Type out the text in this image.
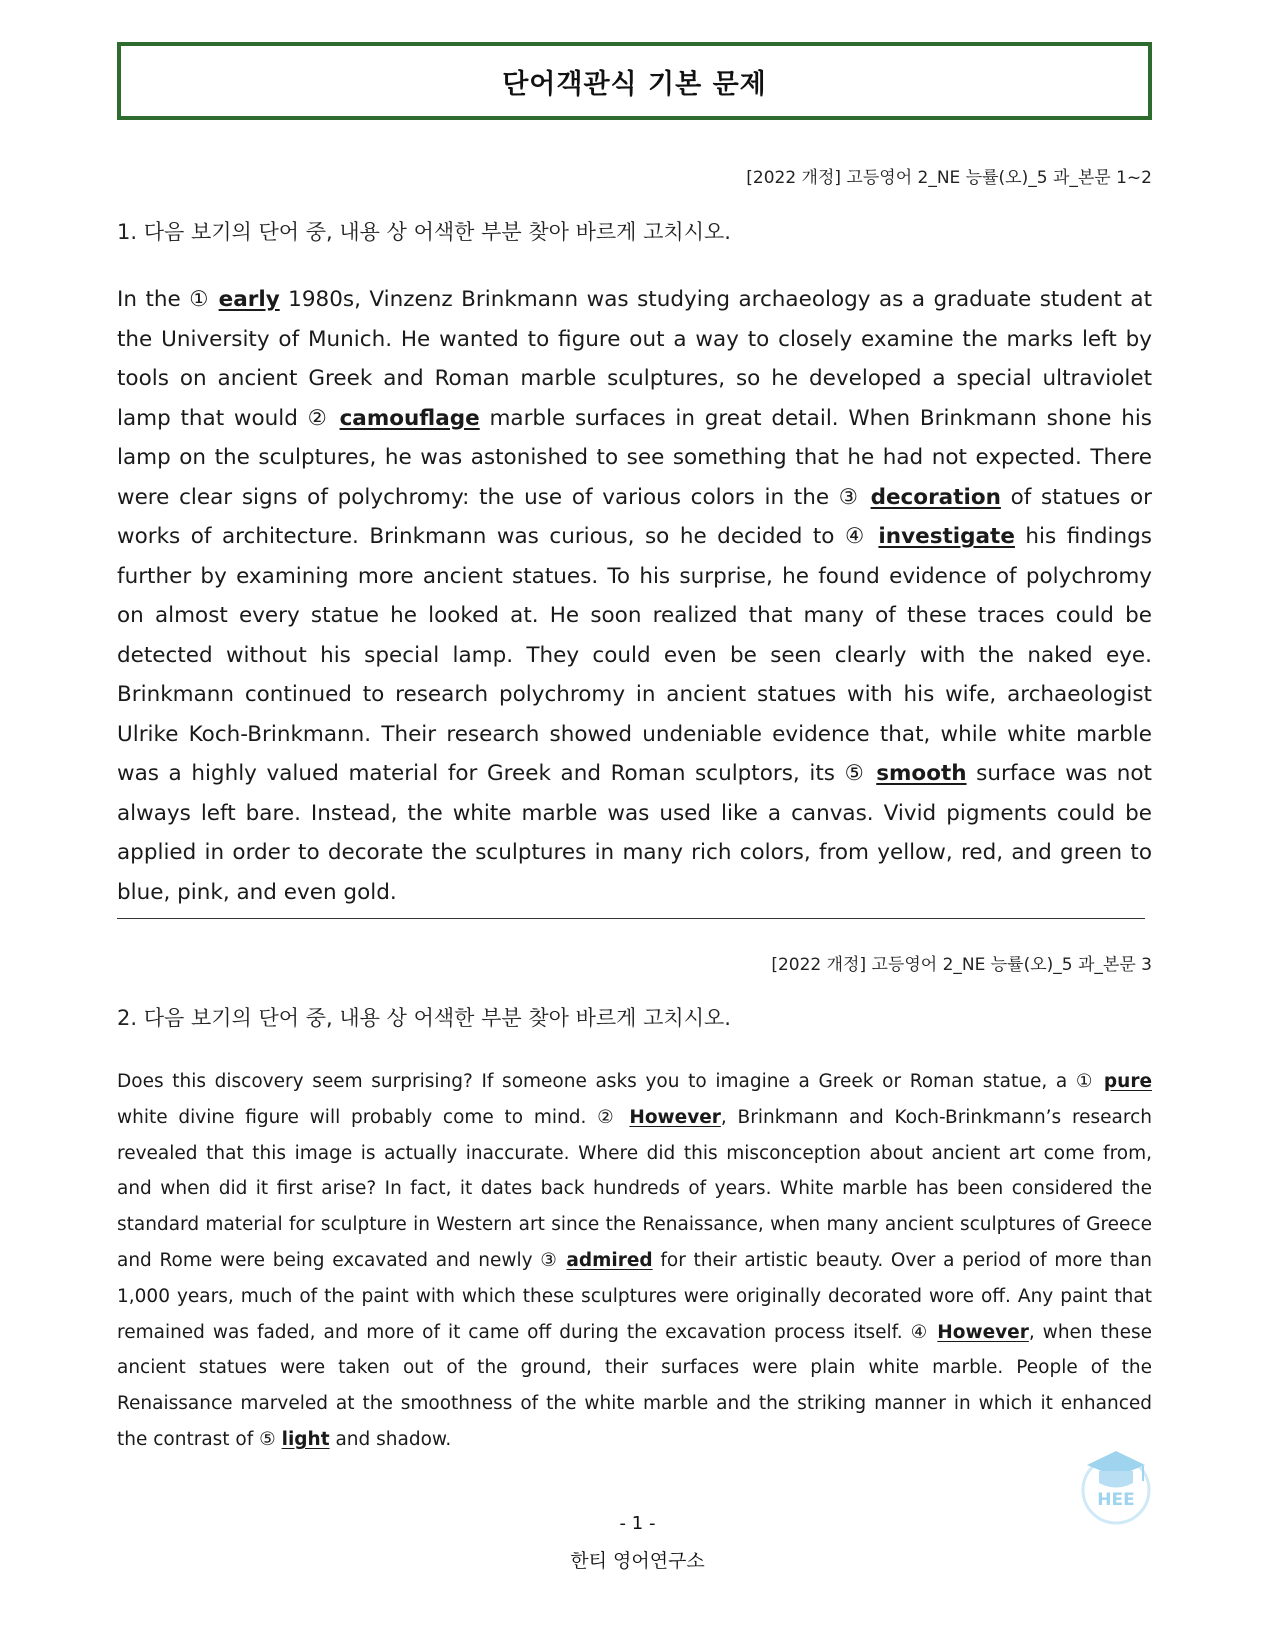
단어객관식 기본 문제
[2022 개정] 고등영어 2_NE 능률(오)_5 과_본문 1~2
1. 다음 보기의 단어 중, 내용 상 어색한 부분 찾아 바르게 고치시오.
In the ① early 1980s, Vinzenz Brinkmann was studying archaeology as a graduate student at the University of Munich. He wanted to figure out a way to closely examine the marks left by tools on ancient Greek and Roman marble sculptures, so he developed a special ultraviolet lamp that would ② camouflage marble surfaces in great detail. When Brinkmann shone his lamp on the sculptures, he was astonished to see something that he had not expected. There were clear signs of polychromy: the use of various colors in the ③ decoration of statues or works of architecture. Brinkmann was curious, so he decided to ④ investigate his findings further by examining more ancient statues. To his surprise, he found evidence of polychromy on almost every statue he looked at. He soon realized that many of these traces could be detected without his special lamp. They could even be seen clearly with the naked eye. Brinkmann continued to research polychromy in ancient statues with his wife, archaeologist Ulrike Koch-Brinkmann. Their research showed undeniable evidence that, while white marble was a highly valued material for Greek and Roman sculptors, its ⑤ smooth surface was not always left bare. Instead, the white marble was used like a canvas. Vivid pigments could be applied in order to decorate the sculptures in many rich colors, from yellow, red, and green to blue, pink, and even gold.
[2022 개정] 고등영어 2_NE 능률(오)_5 과_본문 3
2. 다음 보기의 단어 중, 내용 상 어색한 부분 찾아 바르게 고치시오.
Does this discovery seem surprising? If someone asks you to imagine a Greek or Roman statue, a ① pure white divine figure will probably come to mind. ② However, Brinkmann and Koch-Brinkmann’s research revealed that this image is actually inaccurate. Where did this misconception about ancient art come from, and when did it first arise? In fact, it dates back hundreds of years. White marble has been considered the standard material for sculpture in Western art since the Renaissance, when many ancient sculptures of Greece and Rome were being excavated and newly ③ admired for their artistic beauty. Over a period of more than 1,000 years, much of the paint with which these sculptures were originally decorated wore off. Any paint that remained was faded, and more of it came off during the excavation process itself. ④ However, when these ancient statues were taken out of the ground, their surfaces were plain white marble. People of the Renaissance marveled at the smoothness of the white marble and the striking manner in which it enhanced the contrast of ⑤ light and shadow.
HEE
- 1 -
한티 영어연구소
